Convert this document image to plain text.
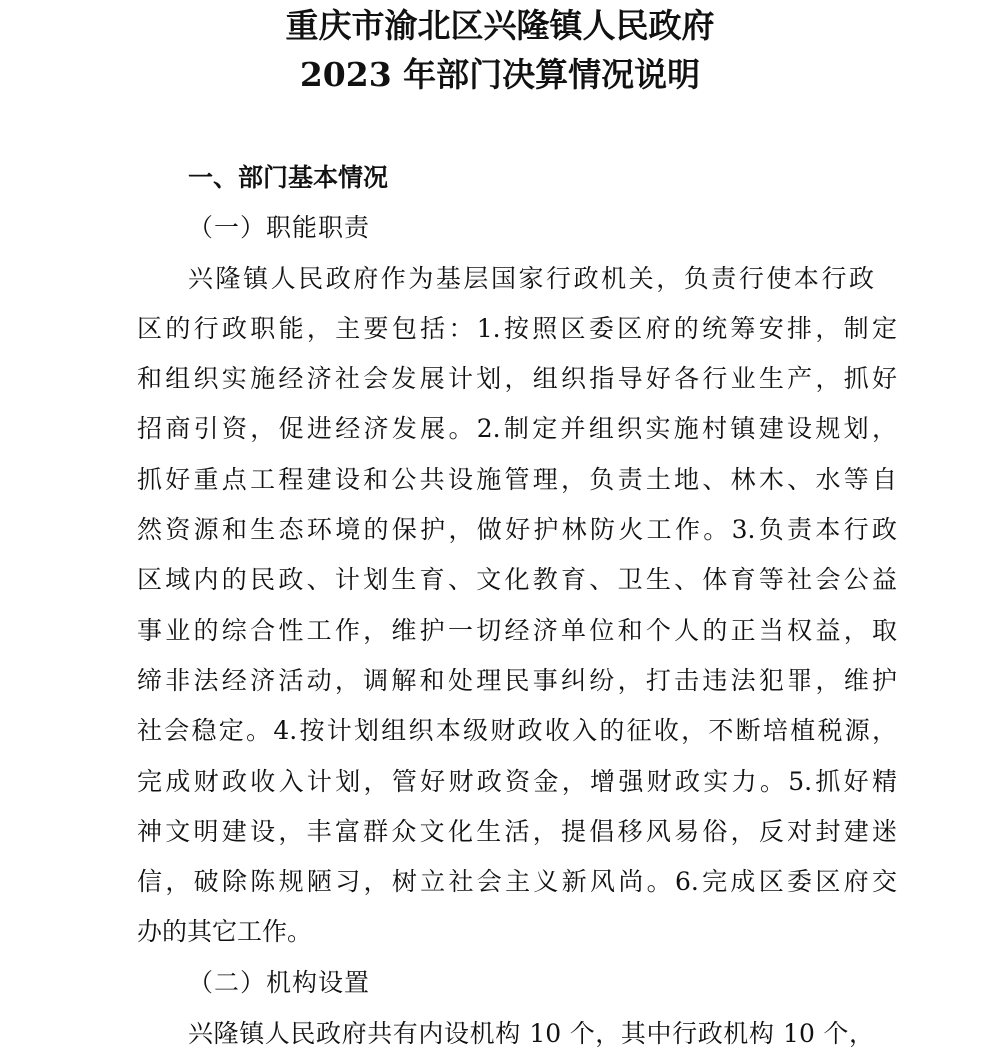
重庆市渝北区兴隆镇人民政府
2023 年部门决算情况说明
一、部门基本情况
（一）职能职责
兴隆镇人民政府作为基层国家行政机关，负责行使本行政
区的行政职能，主要包括：1.按照区委区府的统筹安排，制定
和组织实施经济社会发展计划，组织指导好各行业生产，抓好
招商引资，促进经济发展。2.制定并组织实施村镇建设规划，
抓好重点工程建设和公共设施管理，负责土地、林木、水等自
然资源和生态环境的保护，做好护林防火工作。3.负责本行政
区域内的民政、计划生育、文化教育、卫生、体育等社会公益
事业的综合性工作，维护一切经济单位和个人的正当权益，取
缔非法经济活动，调解和处理民事纠纷，打击违法犯罪，维护
社会稳定。4.按计划组织本级财政收入的征收，不断培植税源，
完成财政收入计划，管好财政资金，增强财政实力。5.抓好精
神文明建设，丰富群众文化生活，提倡移风易俗，反对封建迷
信，破除陈规陋习，树立社会主义新风尚。6.完成区委区府交
办的其它工作。
（二）机构设置
兴隆镇人民政府共有内设机构 10 个，其中行政机构 10 个，
